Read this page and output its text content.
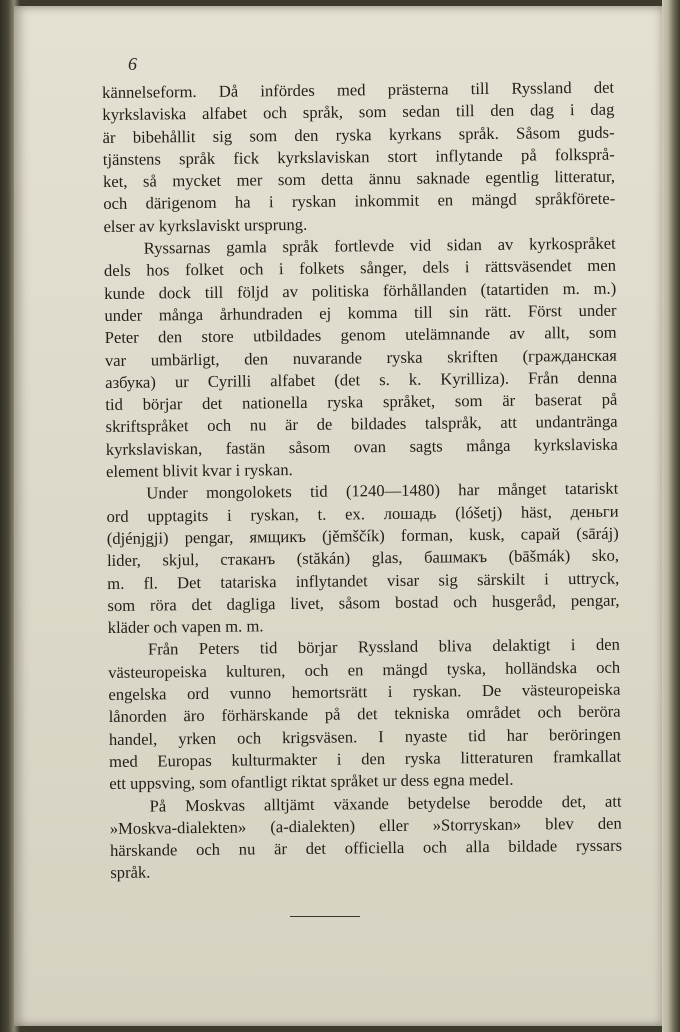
6
kännelseform. Då infördes med prästerna till Ryssland det
kyrkslaviska alfabet och språk, som sedan till den dag i dag
är bibehållit sig som den ryska kyrkans språk. Såsom guds-
tjänstens språk fick kyrkslaviskan stort inflytande på folksprå-
ket, så mycket mer som detta ännu saknade egentlig litteratur,
och därigenom ha i ryskan inkommit en mängd språkförete-
elser av kyrkslaviskt ursprung.
Ryssarnas gamla språk fortlevde vid sidan av kyrkospråket
dels hos folket och i folkets sånger, dels i rättsväsendet men
kunde dock till följd av politiska förhållanden (tatartiden m. m.)
under många århundraden ej komma till sin rätt. Först under
Peter den store utbildades genom utelämnande av allt, som
var umbärligt, den nuvarande ryska skriften (гражданская
азбука) ur Cyrilli alfabet (det s. k. Kyrilliza). Från denna
tid börjar det nationella ryska språket, som är baserat på
skriftspråket och nu är de bildades talspråk, att undantränga
kyrkslaviskan, fastän såsom ovan sagts många kyrkslaviska
element blivit kvar i ryskan.
Under mongolokets tid (1240—1480) har månget tatariskt
ord upptagits i ryskan, t. ex. лошадь (lóšetj) häst, деньги
(djénjgji) pengar, ямщикъ (jěmščík) forman, kusk, сарай (sāráj)
lider, skjul, стаканъ (stăkán) glas, башмакъ (bāšmák) sko,
m. fl. Det tatariska inflytandet visar sig särskilt i uttryck,
som röra det dagliga livet, såsom bostad och husgeråd, pengar,
kläder och vapen m. m.
Från Peters tid börjar Ryssland bliva delaktigt i den
västeuropeiska kulturen, och en mängd tyska, holländska och
engelska ord vunno hemortsrätt i ryskan. De västeuropeiska
lånorden äro förhärskande på det tekniska området och beröra
handel, yrken och krigsväsen. I nyaste tid har beröringen
med Europas kulturmakter i den ryska litteraturen framkallat
ett uppsving, som ofantligt riktat språket ur dess egna medel.
På Moskvas alltjämt växande betydelse berodde det, att
»Moskva-dialekten» (a-dialekten) eller »Storryskan» blev den
härskande och nu är det officiella och alla bildade ryssars
språk.
